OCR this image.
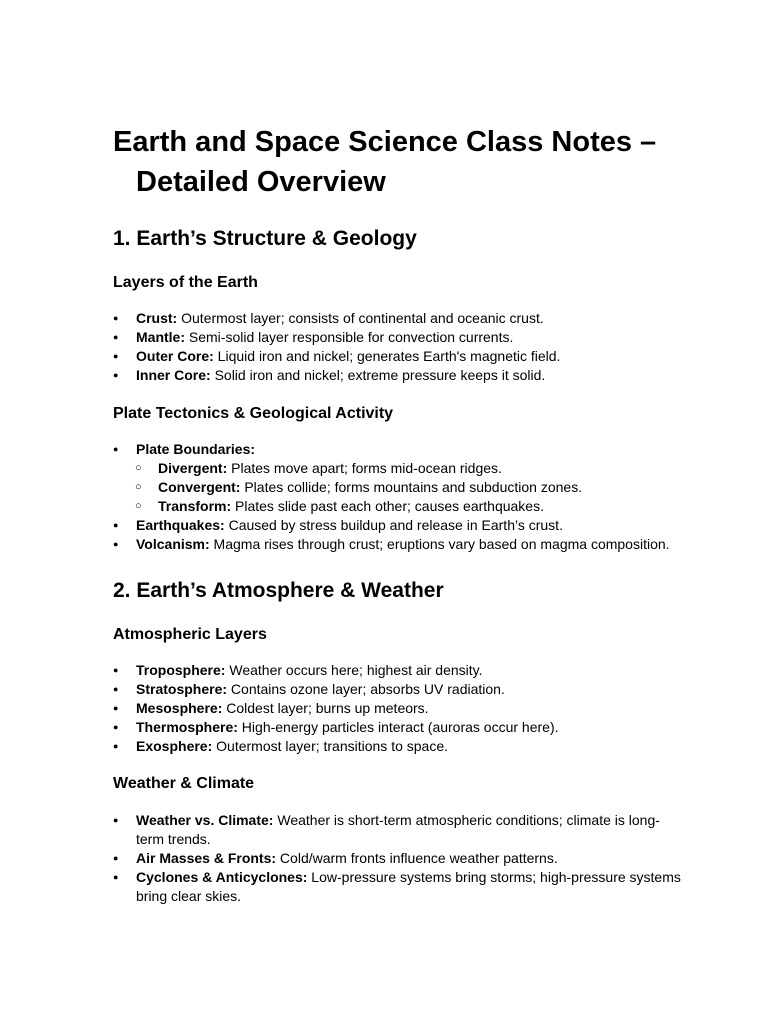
Earth and Space Science Class Notes – Detailed Overview
1. Earth’s Structure & Geology
Layers of the Earth
● Crust: Outermost layer; consists of continental and oceanic crust.
● Mantle: Semi-solid layer responsible for convection currents.
● Outer Core: Liquid iron and nickel; generates Earth's magnetic field.
● Inner Core: Solid iron and nickel; extreme pressure keeps it solid.
Plate Tectonics & Geological Activity
● Plate Boundaries:
○ Divergent: Plates move apart; forms mid-ocean ridges.
○ Convergent: Plates collide; forms mountains and subduction zones.
○ Transform: Plates slide past each other; causes earthquakes.
● Earthquakes: Caused by stress buildup and release in Earth’s crust.
● Volcanism: Magma rises through crust; eruptions vary based on magma composition.
2. Earth’s Atmosphere & Weather
Atmospheric Layers
● Troposphere: Weather occurs here; highest air density.
● Stratosphere: Contains ozone layer; absorbs UV radiation.
● Mesosphere: Coldest layer; burns up meteors.
● Thermosphere: High-energy particles interact (auroras occur here).
● Exosphere: Outermost layer; transitions to space.
Weather & Climate
● Weather vs. Climate: Weather is short-term atmospheric conditions; climate is long-term trends.
● Air Masses & Fronts: Cold/warm fronts influence weather patterns.
● Cyclones & Anticyclones: Low-pressure systems bring storms; high-pressure systems bring clear skies.
